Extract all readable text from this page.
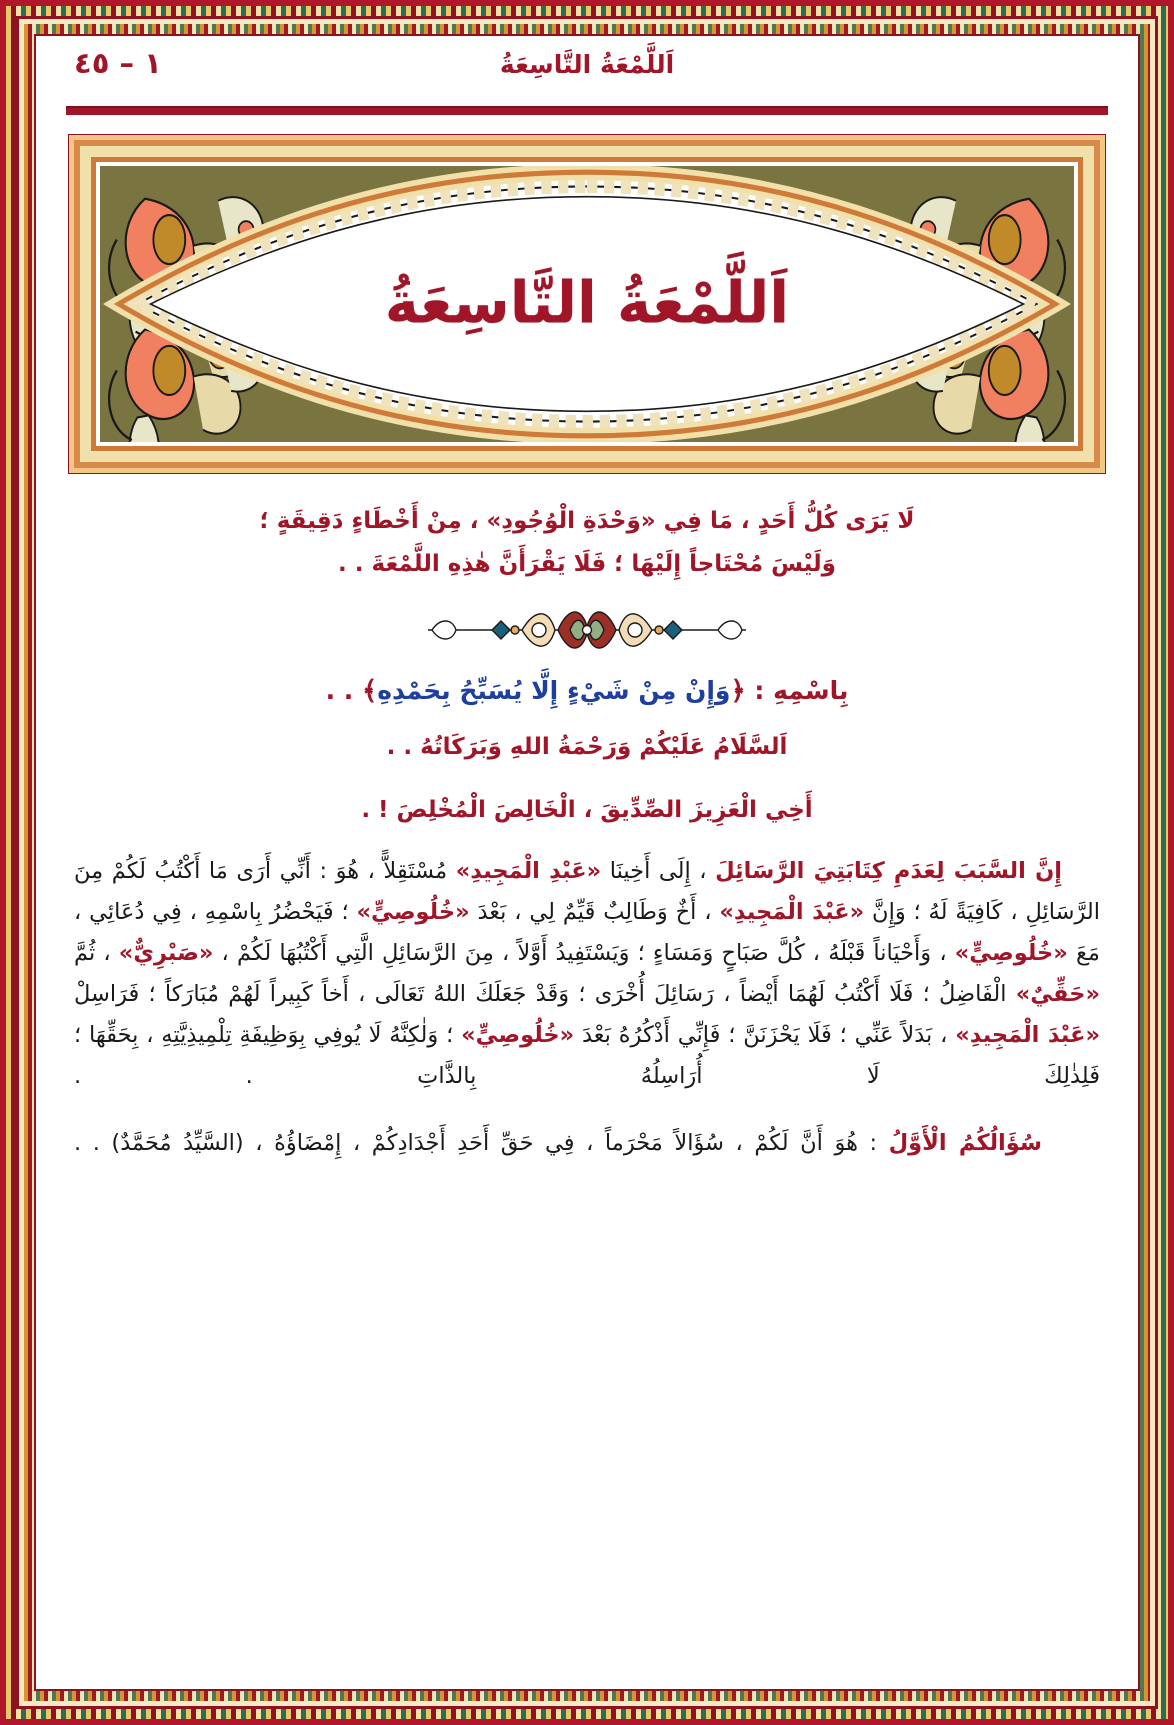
١ – ٤٥	اَللَّمْعَةُ التَّاسِعَةُ
اَللَّمْعَةُ التَّاسِعَةُ
لَا يَرَى كُلُّ أَحَدٍ ، مَا فِي «وَحْدَةِ الْوُجُودِ» ، مِنْ أَخْطَاءٍ دَقِيقَةٍ ؛
وَلَيْسَ مُحْتَاجاً إِلَيْهَا ؛ فَلَا يَقْرَأَنَّ هٰذِهِ اللَّمْعَةَ . .
بِاسْمِهِ : ﴿وَإِنْ مِنْ شَيْءٍ إِلَّا يُسَبِّحُ بِحَمْدِهِ﴾ . .
اَلسَّلَامُ عَلَيْكُمْ وَرَحْمَةُ اللهِ وَبَرَكَاتُهُ . .
أَخِي الْعَزِيزَ الصِّدِّيقَ ، الْخَالِصَ الْمُخْلِصَ ! .
إِنَّ السَّبَبَ لِعَدَمِ كِتَابَتِيَ الرَّسَائِلَ ، إِلَى أَخِينَا «عَبْدِ الْمَجِيدِ» مُسْتَقِلاًّ ، هُوَ : أَنِّي أَرَى مَا أَكْتُبُ لَكُمْ مِنَ الرَّسَائِلِ ، كَافِيَةً لَهُ ؛ وَإِنَّ «عَبْدَ الْمَجِيدِ» ، أَخٌ وَطَالِبٌ قَيِّمٌ لِي ، بَعْدَ «خُلُوصِيٍّ» ؛ فَيَحْضُرُ بِاسْمِهِ ، فِي دُعَائِي ، مَعَ «خُلُوصِيٍّ» ، وَأَحْيَاناً قَبْلَهُ ، كُلَّ صَبَاحٍ وَمَسَاءٍ ؛ وَيَسْتَفِيدُ أَوَّلاً ، مِنَ الرَّسَائِلِ الَّتِي أَكْتُبُهَا لَكُمْ ، «صَبْرِيٌّ» ، ثُمَّ «حَقِّيٌ» الْفَاضِلُ ؛ فَلَا أَكْتُبُ لَهُمَا أَيْضاً ، رَسَائِلَ أُخْرَى ؛ وَقَدْ جَعَلَكَ اللهُ تَعَالَى ، أَخاً كَبِيراً لَهُمْ مُبَارَكاً ؛ فَرَاسِلْ «عَبْدَ الْمَجِيدِ» ، بَدَلاً عَنِّي ؛ فَلَا يَحْزَنَنَّ ؛ فَإِنِّي أَذْكُرُهُ بَعْدَ «خُلُوصِيٍّ» ؛ وَلٰكِنَّهُ لَا يُوفِي بِوَظِيفَةِ تِلْمِيذِيَّتِهِ ، بِحَقِّهَا ؛ فَلِذٰلِكَ لَا أُرَاسِلُهُ بِالذَّاتِ . .
سُؤَالُكُمُ الْأَوَّلُ : هُوَ أَنَّ لَكُمْ ، سُؤَالاً مَحْرَماً ، فِي حَقِّ أَحَدِ أَجْدَادِكُمْ ، إِمْضَاؤُهُ ، (السَّيِّدُ مُحَمَّدٌ) . .
